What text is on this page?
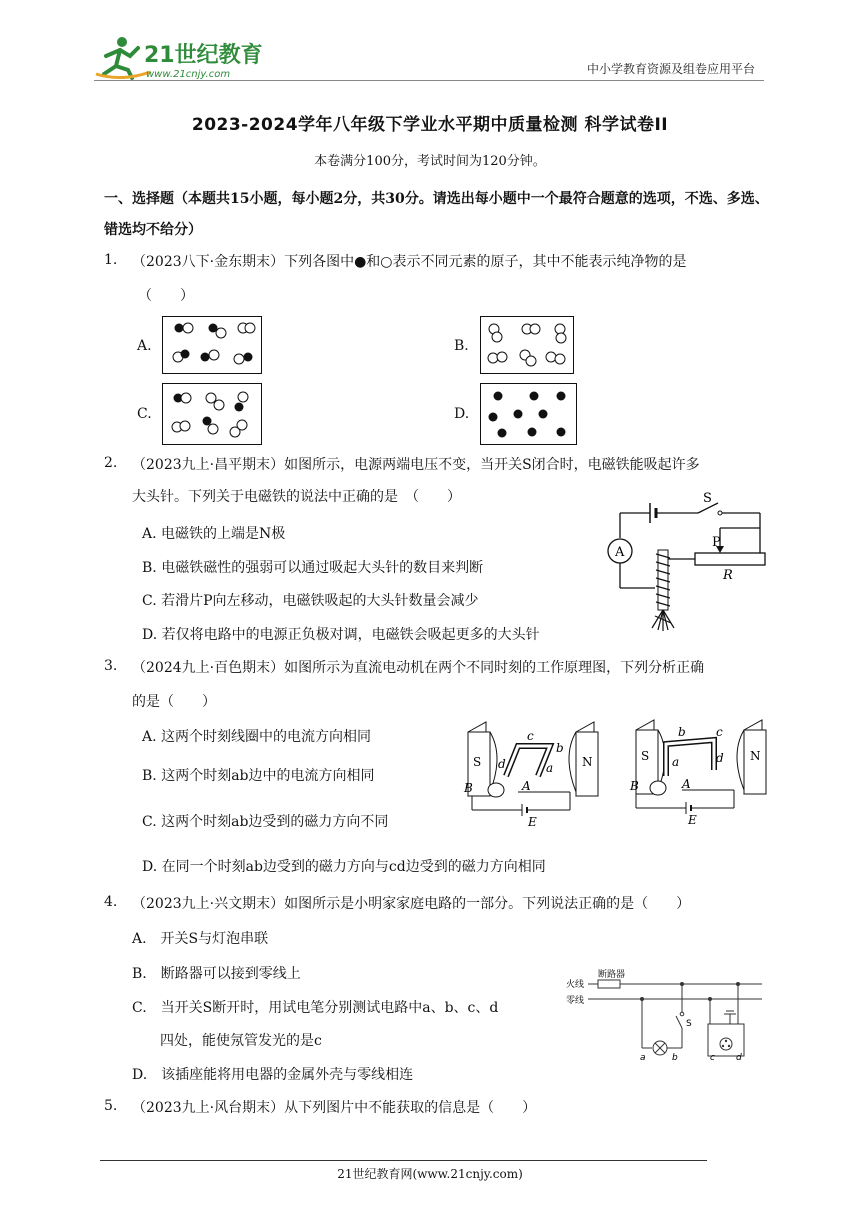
21世纪教育
www.21cnjy.com	中小学教育资源及组卷应用平台
2023-2024学年八年级下学业水平期中质量检测 科学试卷II
本卷满分100分，考试时间为120分钟。
一、选择题（本题共15小题，每小题2分，共30分。请选出每小题中一个最符合题意的选项，不选、多选、错选均不给分）
1. （2023八下·金东期末）下列各图中●和○表示不同元素的原子，其中不能表示纯净物的是
（　　）
A.	B.
C.	D.
2. （2023九上·昌平期末）如图所示，电源两端电压不变，当开关S闭合时，电磁铁能吸起许多
大头针。下列关于电磁铁的说法中正确的是　（　　）
A. 电磁铁的上端是N极
B. 电磁铁磁性的强弱可以通过吸起大头针的数目来判断
C. 若滑片P向左移动，电磁铁吸起的大头针数量会减少
D. 若仅将电路中的电源正负极对调，电磁铁会吸起更多的大头针
S
A
R
P
3. （2024九上·百色期末）如图所示为直流电动机在两个不同时刻的工作原理图，下列分析正确
的是（　　）
A. 这两个时刻线圈中的电流方向相同
B. 这两个时刻ab边中的电流方向相同
C. 这两个时刻ab边受到的磁力方向不同
D. 在同一个时刻ab边受到的磁力方向与cd边受到的磁力方向相同
S	N
c
b
a
d
B	A
E
S	N
b
d
a
c
B	A
E
4. （2023九上·兴文期末）如图所示是小明家家庭电路的一部分。下列说法正确的是（　　）
A.　开关S与灯泡串联
B.　断路器可以接到零线上
C.　当开关S断开时，用试电笔分别测试电路中a、b、c、d
　　四处，能使氖管发光的是c
D.　该插座能将用电器的金属外壳与零线相连
火线
零线
断路器
a	b
S
c d
5. （2023九上·风台期末）从下列图片中不能获取的信息是（　　）
21世纪教育网(www.21cnjy.com)
